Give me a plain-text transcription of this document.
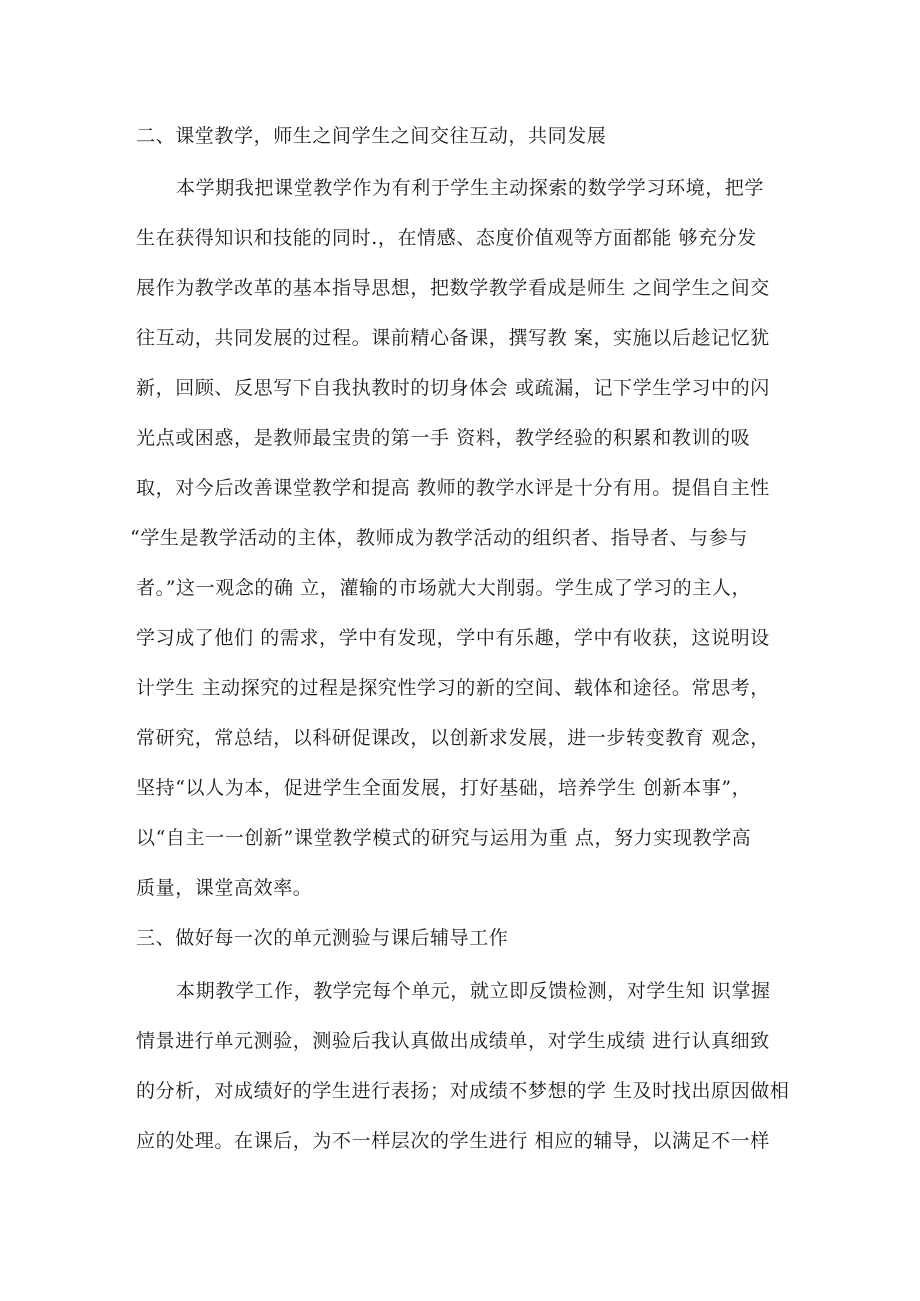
二、课堂教学，师生之间学生之间交往互动，共同发展
本学期我把课堂教学作为有利于学生主动探索的数学学习环境，把学
生在获得知识和技能的同时.，在情感、态度价值观等方面都能 够充分发
展作为教学改革的基本指导思想，把数学教学看成是师生 之间学生之间交
往互动，共同发展的过程。课前精心备课，撰写教 案，实施以后趁记忆犹
新，回顾、反思写下自我执教时的切身体会 或疏漏，记下学生学习中的闪
光点或困惑，是教师最宝贵的第一手 资料，教学经验的积累和教训的吸
取，对今后改善课堂教学和提高 教师的教学水评是十分有用。提倡自主性
“学生是教学活动的主体，教师成为教学活动的组织者、指导者、与参与
者。”这一观念的确 立，灌输的市场就大大削弱。学生成了学习的主人，
学习成了他们 的需求，学中有发现，学中有乐趣，学中有收获，这说明设
计学生 主动探究的过程是探究性学习的新的空间、载体和途径。常思考，
常研究，常总结，以科研促课改，以创新求发展，进一步转变教育 观念，
坚持“以人为本，促进学生全面发展，打好基础，培养学生 创新本事”，
以“自主一一创新”课堂教学模式的研究与运用为重 点，努力实现教学高
质量，课堂高效率。
三、做好每一次的单元测验与课后辅导工作
本期教学工作，教学完每个单元，就立即反馈检测，对学生知 识掌握
情景进行单元测验，测验后我认真做出成绩单，对学生成绩 进行认真细致
的分析，对成绩好的学生进行表扬；对成绩不梦想的学 生及时找出原因做相
应的处理。在课后，为不一样层次的学生进行 相应的辅导，以满足不一样
